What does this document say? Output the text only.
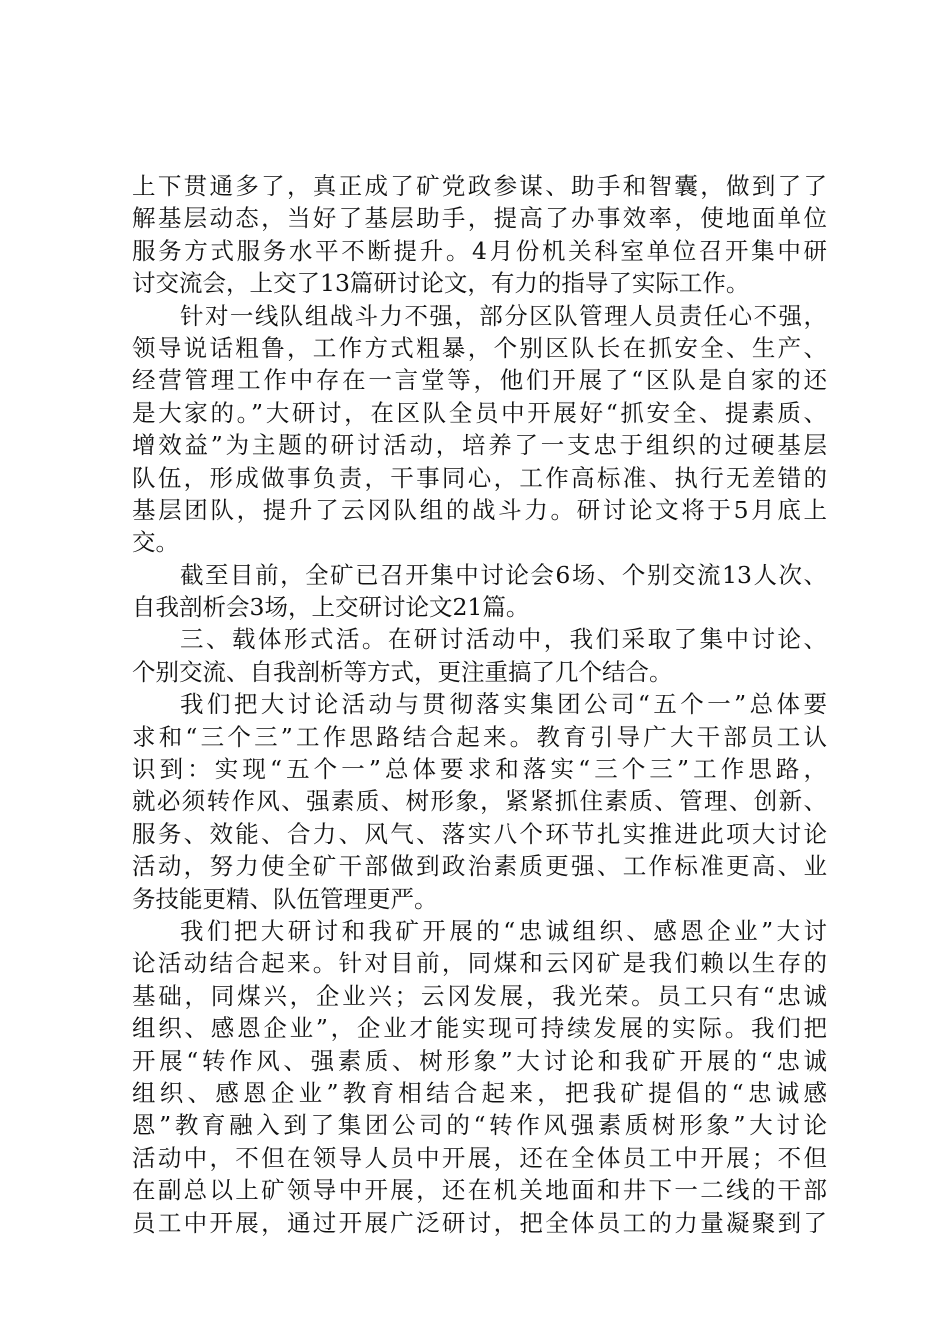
上下贯通多了，真正成了矿党政参谋、助手和智囊，做到了了
解基层动态，当好了基层助手，提高了办事效率，使地面单位
服务方式服务水平不断提升。4月份机关科室单位召开集中研
讨交流会，上交了13篇研讨论文，有力的指导了实际工作。
针对一线队组战斗力不强，部分区队管理人员责任心不强，
领导说话粗鲁，工作方式粗暴，个别区队长在抓安全、生产、
经营管理工作中存在一言堂等，他们开展了“区队是自家的还
是大家的。”大研讨，在区队全员中开展好“抓安全、提素质、
增效益”为主题的研讨活动，培养了一支忠于组织的过硬基层
队伍，形成做事负责，干事同心，工作高标准、执行无差错的
基层团队，提升了云冈队组的战斗力。研讨论文将于5月底上
交。
截至目前，全矿已召开集中讨论会6场、个别交流13人次、
自我剖析会3场，上交研讨论文21篇。
三、载体形式活。在研讨活动中，我们采取了集中讨论、
个别交流、自我剖析等方式，更注重搞了几个结合。
我们把大讨论活动与贯彻落实集团公司“五个一”总体要
求和“三个三”工作思路结合起来。教育引导广大干部员工认
识到：实现“五个一”总体要求和落实“三个三”工作思路，
就必须转作风、强素质、树形象，紧紧抓住素质、管理、创新、
服务、效能、合力、风气、落实八个环节扎实推进此项大讨论
活动，努力使全矿干部做到政治素质更强、工作标准更高、业
务技能更精、队伍管理更严。
我们把大研讨和我矿开展的“忠诚组织、感恩企业”大讨
论活动结合起来。针对目前，同煤和云冈矿是我们赖以生存的
基础，同煤兴，企业兴；云冈发展，我光荣。员工只有“忠诚
组织、感恩企业”，企业才能实现可持续发展的实际。我们把
开展“转作风、强素质、树形象”大讨论和我矿开展的“忠诚
组织、感恩企业”教育相结合起来，把我矿提倡的“忠诚感
恩”教育融入到了集团公司的“转作风强素质树形象”大讨论
活动中，不但在领导人员中开展，还在全体员工中开展；不但
在副总以上矿领导中开展，还在机关地面和井下一二线的干部
员工中开展，通过开展广泛研讨，把全体员工的力量凝聚到了
